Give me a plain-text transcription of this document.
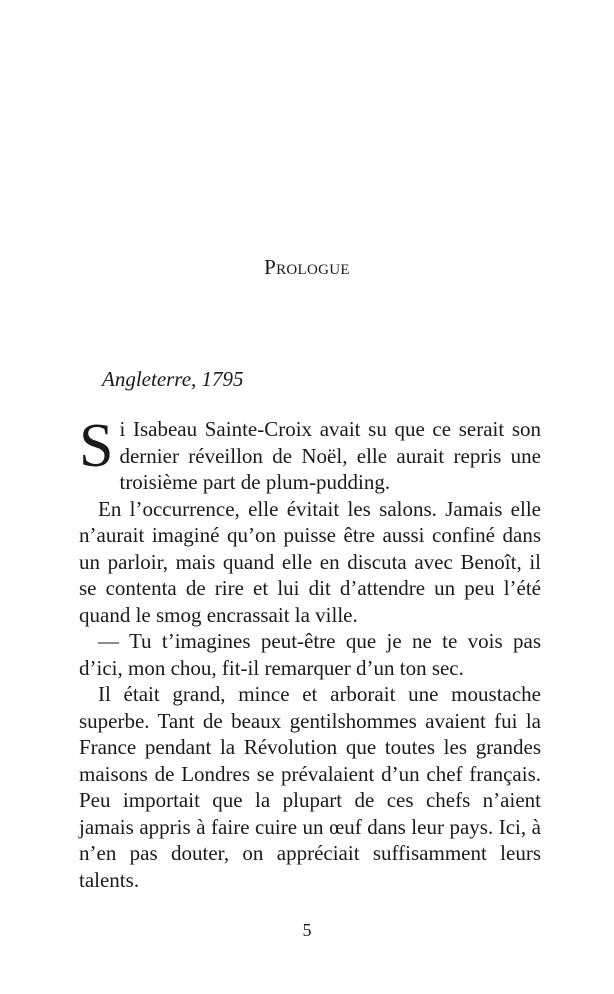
PROLOGUE
Angleterre, 1795

Si Isabeau Sainte-Croix avait su que ce serait son dernier réveillon de Noël, elle aurait repris une troisième part de plum-pudding.

En l’occurrence, elle évitait les salons. Jamais elle n’aurait imaginé qu’on puisse être aussi confiné dans un parloir, mais quand elle en discuta avec Benoît, il se contenta de rire et lui dit d’attendre un peu l’été quand le smog encrassait la ville.

— Tu t’imagines peut-être que je ne te vois pas d’ici, mon chou, fit-il remarquer d’un ton sec.

Il était grand, mince et arborait une moustache superbe. Tant de beaux gentilshommes avaient fui la France pendant la Révolution que toutes les grandes maisons de Londres se prévalaient d’un chef français. Peu importait que la plupart de ces chefs n’aient jamais appris à faire cuire un œuf dans leur pays. Ici, à n’en pas douter, on appréciait suffisamment leurs talents.

5
